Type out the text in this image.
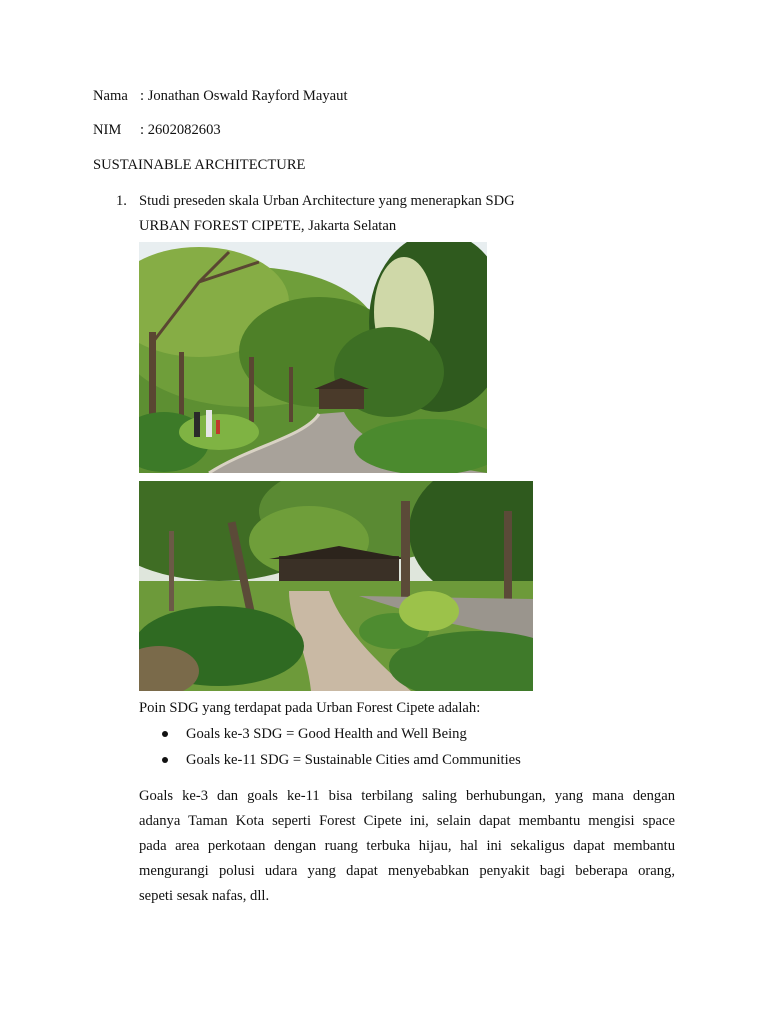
Nama : Jonathan Oswald Rayford Mayaut
NIM : 2602082603
SUSTAINABLE ARCHITECTURE
1. Studi preseden skala Urban Architecture yang menerapkan SDG
URBAN FOREST CIPETE, Jakarta Selatan
Poin SDG yang terdapat pada Urban Forest Cipete adalah:
Goals ke-3 SDG = Good Health and Well Being
Goals ke-11 SDG = Sustainable Cities amd Communities
Goals ke-3 dan goals ke-11 bisa terbilang saling berhubungan, yang mana dengan
adanya Taman Kota seperti Forest Cipete ini, selain dapat membantu mengisi space
pada area perkotaan dengan ruang terbuka hijau, hal ini sekaligus dapat membantu
mengurangi polusi udara yang dapat menyebabkan penyakit bagi beberapa orang,
sepeti sesak nafas, dll.
